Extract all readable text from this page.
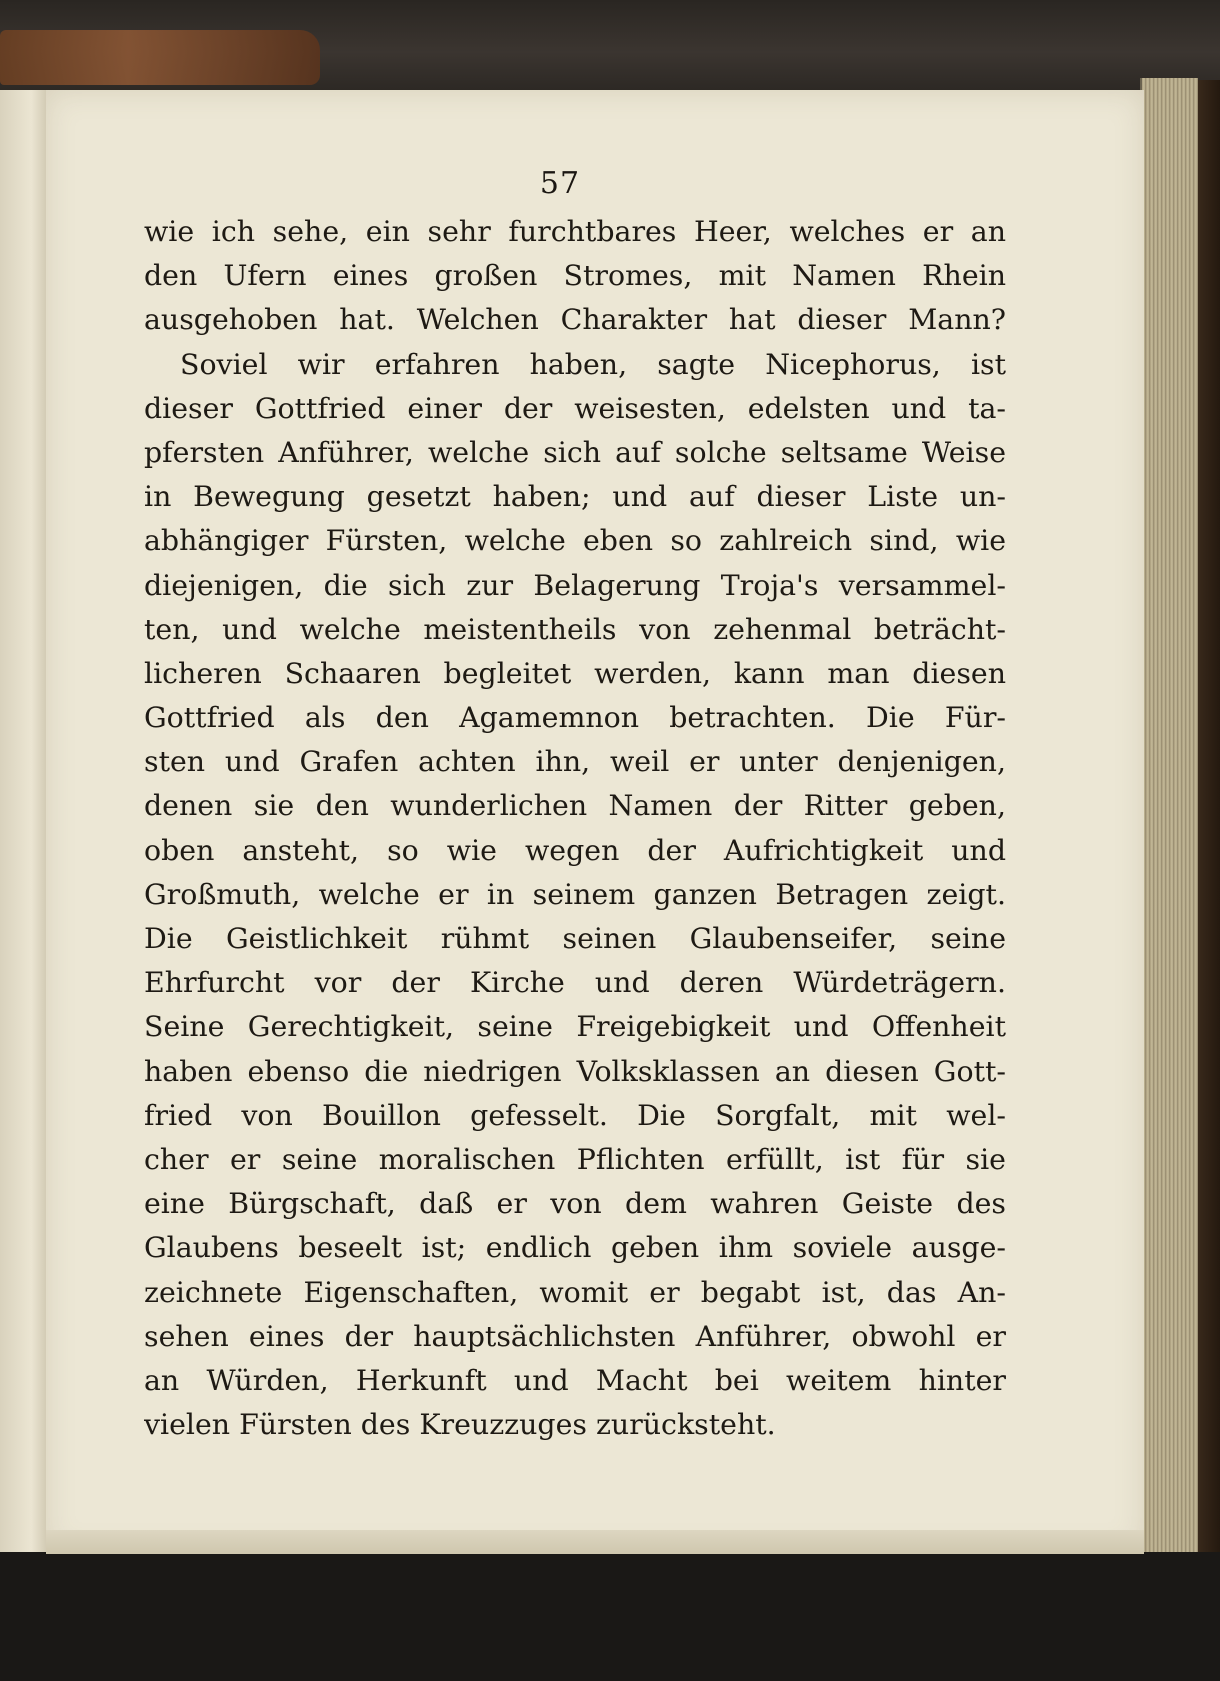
57
wie ich sehe, ein sehr furchtbares Heer, welches er an
den Ufern eines großen Stromes, mit Namen Rhein
ausgehoben hat. Welchen Charakter hat dieser Mann?
Soviel wir erfahren haben, sagte Nicephorus, ist
dieser Gottfried einer der weisesten, edelsten und ta-
pfersten Anführer, welche sich auf solche seltsame Weise
in Bewegung gesetzt haben; und auf dieser Liste un-
abhängiger Fürsten, welche eben so zahlreich sind, wie
diejenigen, die sich zur Belagerung Troja's versammel-
ten, und welche meistentheils von zehenmal beträcht-
licheren Schaaren begleitet werden, kann man diesen
Gottfried als den Agamemnon betrachten. Die Für-
sten und Grafen achten ihn, weil er unter denjenigen,
denen sie den wunderlichen Namen der Ritter geben,
oben ansteht, so wie wegen der Aufrichtigkeit und
Großmuth, welche er in seinem ganzen Betragen zeigt.
Die Geistlichkeit rühmt seinen Glaubenseifer, seine
Ehrfurcht vor der Kirche und deren Würdeträgern.
Seine Gerechtigkeit, seine Freigebigkeit und Offenheit
haben ebenso die niedrigen Volksklassen an diesen Gott-
fried von Bouillon gefesselt. Die Sorgfalt, mit wel-
cher er seine moralischen Pflichten erfüllt, ist für sie
eine Bürgschaft, daß er von dem wahren Geiste des
Glaubens beseelt ist; endlich geben ihm soviele ausge-
zeichnete Eigenschaften, womit er begabt ist, das An-
sehen eines der hauptsächlichsten Anführer, obwohl er
an Würden, Herkunft und Macht bei weitem hinter
vielen Fürsten des Kreuzzuges zurücksteht.
